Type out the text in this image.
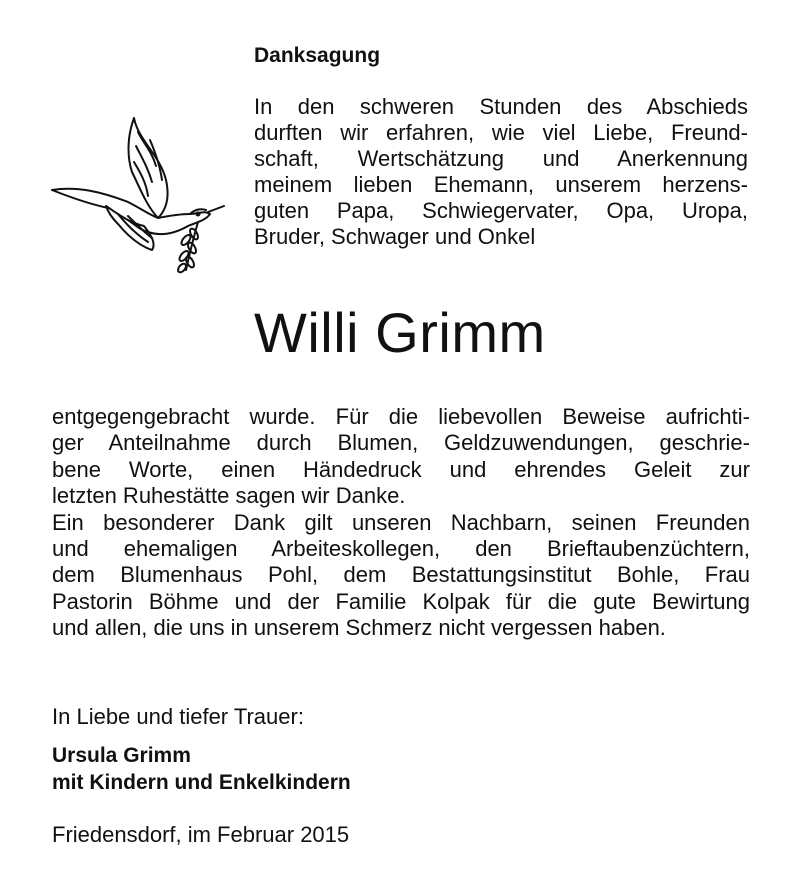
Danksagung
In den schweren Stunden des Abschieds
durften wir erfahren, wie viel Liebe, Freund-
schaft, Wertschätzung und Anerkennung
meinem lieben Ehemann, unserem herzens-
guten Papa, Schwiegervater, Opa, Uropa,
Bruder, Schwager und Onkel
Willi Grimm
entgegengebracht wurde. Für die liebevollen Beweise aufrichti-
ger Anteilnahme durch Blumen, Geldzuwendungen, geschrie-
bene Worte, einen Händedruck und ehrendes Geleit zur
letzten Ruhestätte sagen wir Danke.
Ein besonderer Dank gilt unseren Nachbarn, seinen Freunden
und ehemaligen Arbeiteskollegen, den Brieftaubenzüchtern,
dem Blumenhaus Pohl, dem Bestattungsinstitut Bohle, Frau
Pastorin Böhme und der Familie Kolpak für die gute Bewirtung
und allen, die uns in unserem Schmerz nicht vergessen haben.
In Liebe und tiefer Trauer:
Ursula Grimm
mit Kindern und Enkelkindern
Friedensdorf, im Februar 2015
